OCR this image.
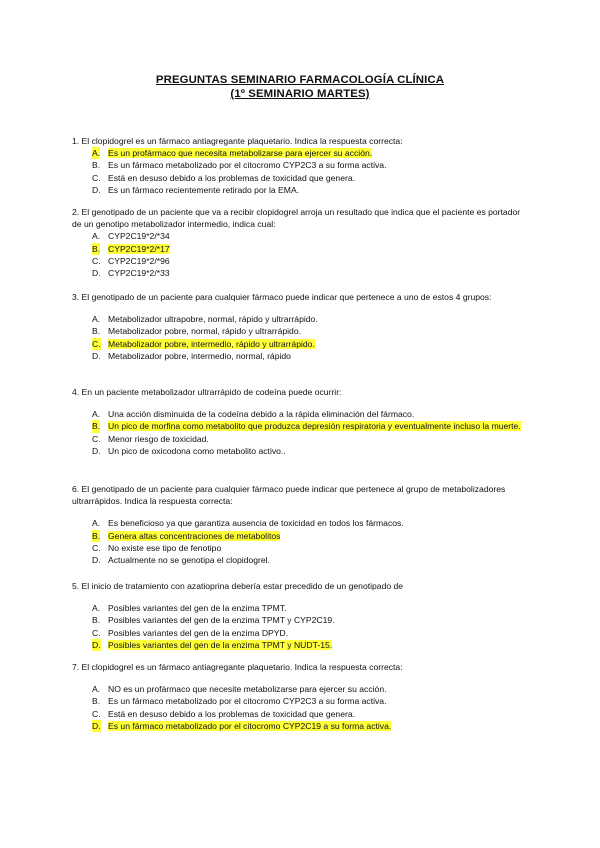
PREGUNTAS SEMINARIO FARMACOLOGÍA CLÍNICA
(1º SEMINARIO MARTES)

1. El clopidogrel es un fármaco antiagregante plaquetario. Indica la respuesta correcta:

A. Es un profármaco que necesita metabolizarse para ejercer su acción.
B. Es un fármaco metabolizado por el citocromo CYP2C3 a su forma activa.
C. Está en desuso debido a los problemas de toxicidad que genera.
D. Es un fármaco recientemente retirado por la EMA.

2. El genotipado de un paciente que va a recibir clopidogrel arroja un resultado que indica que el paciente es portador de un genotipo metabolizador intermedio, indica cual:

A. CYP2C19*2/*34
B. CYP2C19*2/*17
C. CYP2C19*2/*96
D. CYP2C19*2/*33

3. El genotipado de un paciente para cualquier fármaco puede indicar que pertenece a uno de estos 4 grupos:

A. Metabolizador ultrapobre, normal, rápido y ultrarrápido.
B. Metabolizador pobre, normal, rápido y ultrarrápido.
C. Metabolizador pobre, intermedio, rápido y ultrarrápido.
D. Metabolizador pobre, intermedio, normal, rápido

4. En un paciente metabolizador ultrarrápido de codeína puede ocurrir:

A. Una acción disminuida de la codeína debido a la rápida eliminación del fármaco.
B. Un pico de morfina como metabolito que produzca depresión respiratoria y eventualmente incluso la muerte.
C. Menor riesgo de toxicidad.
D. Un pico de oxicodona como metabolito activo..

6. El genotipado de un paciente para cualquier fármaco puede indicar que pertenece al grupo de metabolizadores ultrarrápidos. Indica la respuesta correcta:

A. Es beneficioso ya que garantiza ausencia de toxicidad en todos los fármacos.
B. Genera altas concentraciones de metabolitos
C. No existe ese tipo de fenotipo
D. Actualmente no se genotipa el clopidogrel.

5. El inicio de tratamiento con azatioprina debería estar precedido de un genotipado de

A. Posibles variantes del gen de la enzima TPMT.
B. Posibles variantes del gen de la enzima TPMT y CYP2C19.
C. Posibles variantes del gen de la enzima DPYD.
D. Posibles variantes del gen de la enzima TPMT y NUDT-15.

7. El clopidogrel es un fármaco antiagregante plaquetario. Indica la respuesta correcta:

A. NO es un profármaco que necesite metabolizarse para ejercer su acción.
B. Es un fármaco metabolizado por el citocromo CYP2C3 a su forma activa.
C. Está en desuso debido a los problemas de toxicidad que genera.
D. Es un fármaco metabolizado por el citocromo CYP2C19 a su forma activa.
